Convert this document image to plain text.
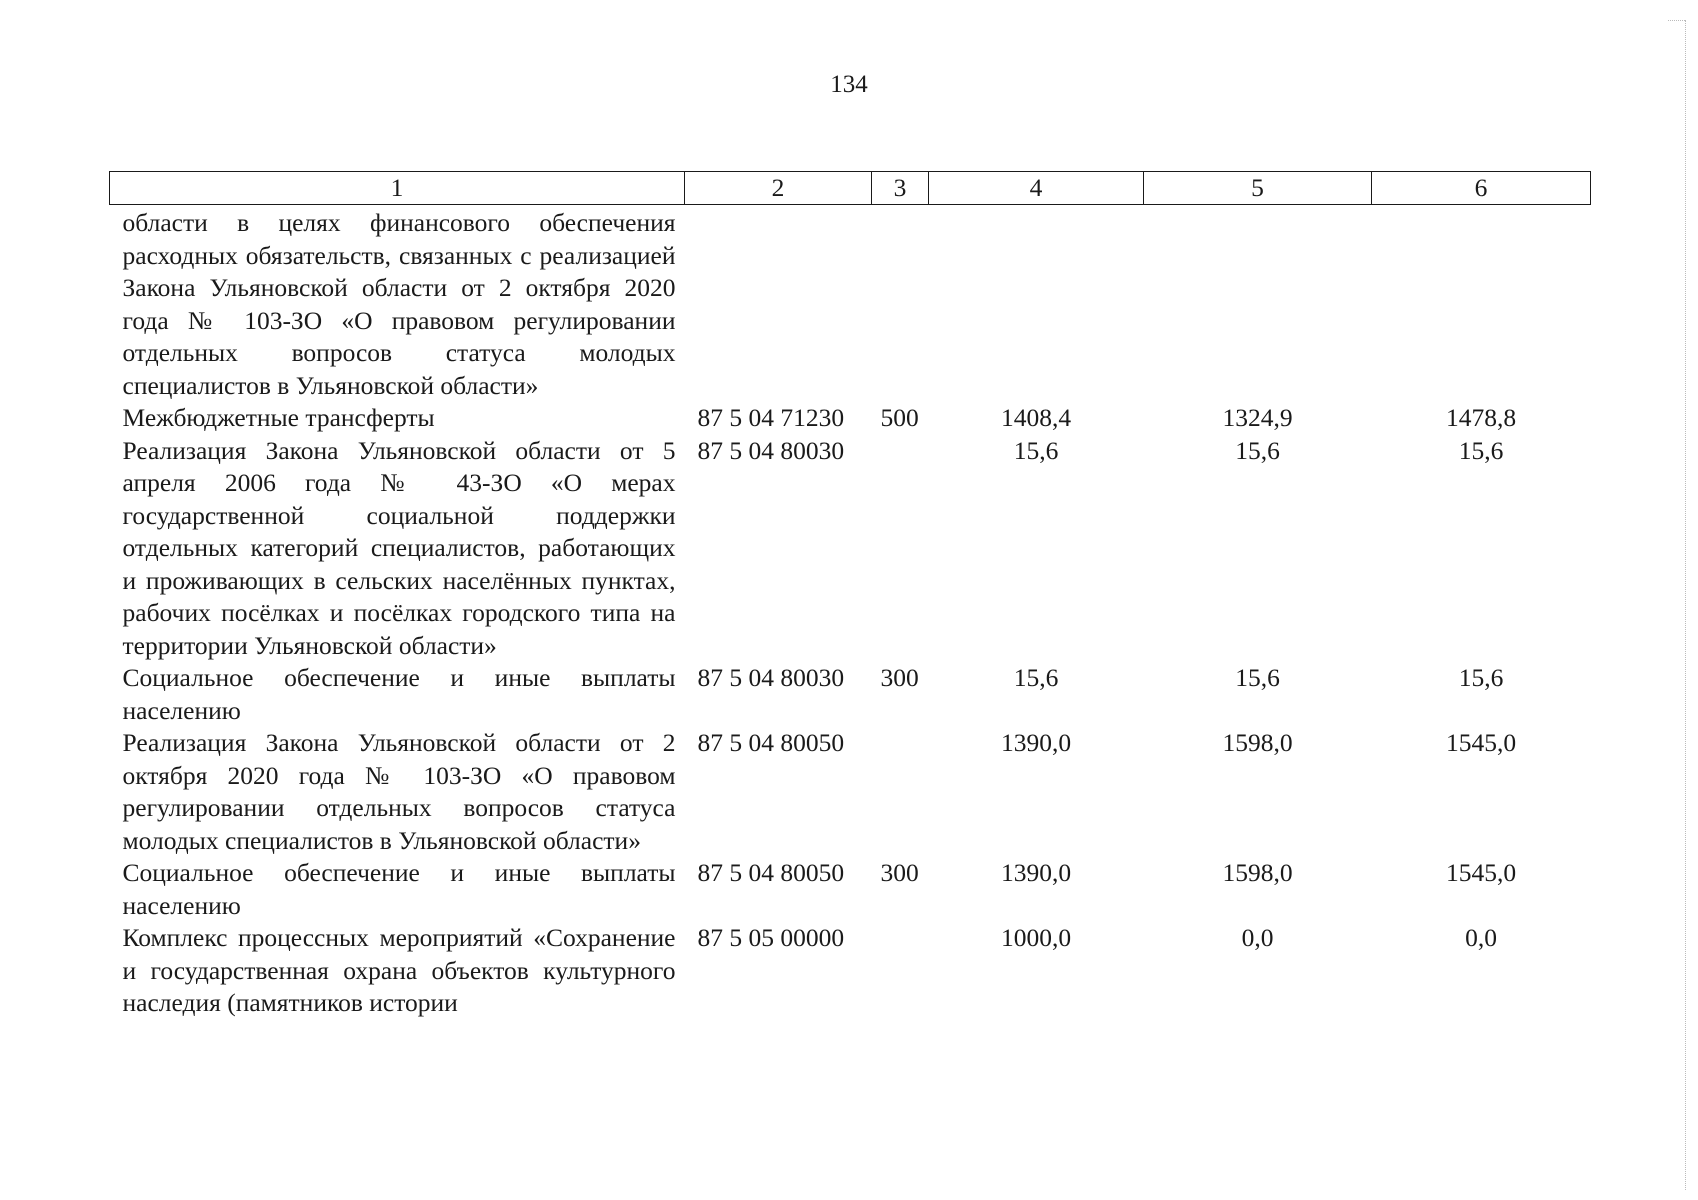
134
1	2	3	4	5	6
области в целях финансового обеспечения расходных обязательств, связанных с реализацией Закона Ульяновской области от 2 октября 2020 года № 103-ЗО «О правовом регулировании отдельных вопросов статуса молодых специалистов в Ульяновской области»					
Межбюджетные трансферты	87 5 04 71230	500	1408,4	1324,9	1478,8
Реализация Закона Ульяновской области от 5 апреля 2006 года № 43-ЗО «О мерах государственной социальной поддержки отдельных категорий специалистов, работающих и проживающих в сельских населённых пунктах, рабочих посёлках и посёлках городского типа на территории Ульяновской области»	87 5 04 80030		15,6	15,6	15,6
Социальное обеспечение и иные выплаты населению	87 5 04 80030	300	15,6	15,6	15,6
Реализация Закона Ульяновской области от 2 октября 2020 года № 103-ЗО «О правовом регулировании отдельных вопросов статуса молодых специалистов в Ульяновской области»	87 5 04 80050		1390,0	1598,0	1545,0
Социальное обеспечение и иные выплаты населению	87 5 04 80050	300	1390,0	1598,0	1545,0
Комплекс процессных мероприятий «Сохранение и государственная охрана объектов культурного наследия (памятников истории	87 5 05 00000		1000,0	0,0	0,0
